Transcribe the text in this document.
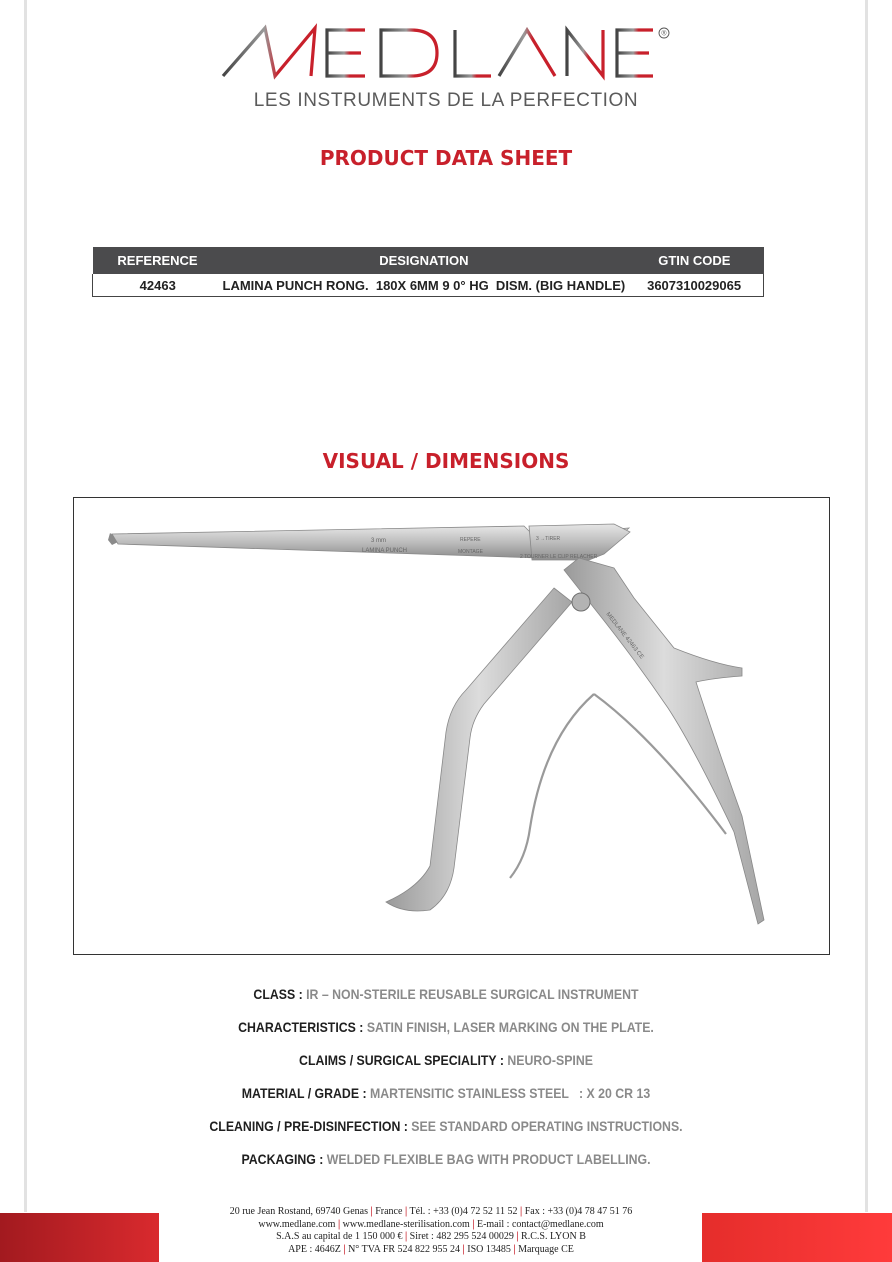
®
LES INSTRUMENTS DE LA PERFECTION
PRODUCT DATA SHEET
REFERENCE	DESIGNATION	GTIN CODE
42463	LAMINA PUNCH RONG.  180X 6MM 9 0° HG  DISM. (BIG HANDLE)	3607310029065
VISUAL / DIMENSIONS
3 mm
LAMINA PUNCH
REPERE
MONTAGE
3 →TIRER
2 TOURNER LE CLIP RELACHER
MEDLANE 42463 CE
CLASS : IR – NON-STERILE REUSABLE SURGICAL INSTRUMENT
CHARACTERISTICS : SATIN FINISH, LASER MARKING ON THE PLATE.
CLAIMS / SURGICAL SPECIALITY : NEURO-SPINE
MATERIAL / GRADE : MARTENSITIC STAINLESS STEEL   : X 20 CR 13
CLEANING / PRE-DISINFECTION : SEE STANDARD OPERATING INSTRUCTIONS.
PACKAGING : WELDED FLEXIBLE BAG WITH PRODUCT LABELLING.
20 rue Jean Rostand, 69740 Genas | France | Tél. : +33 (0)4 72 52 11 52 | Fax : +33 (0)4 78 47 51 76
www.medlane.com | www.medlane-sterilisation.com | E-mail : contact@medlane.com
S.A.S au capital de 1 150 000 € | Siret : 482 295 524 00029 | R.C.S. LYON B
APE : 4646Z | N° TVA FR 524 822 955 24 | ISO 13485 | Marquage CE
